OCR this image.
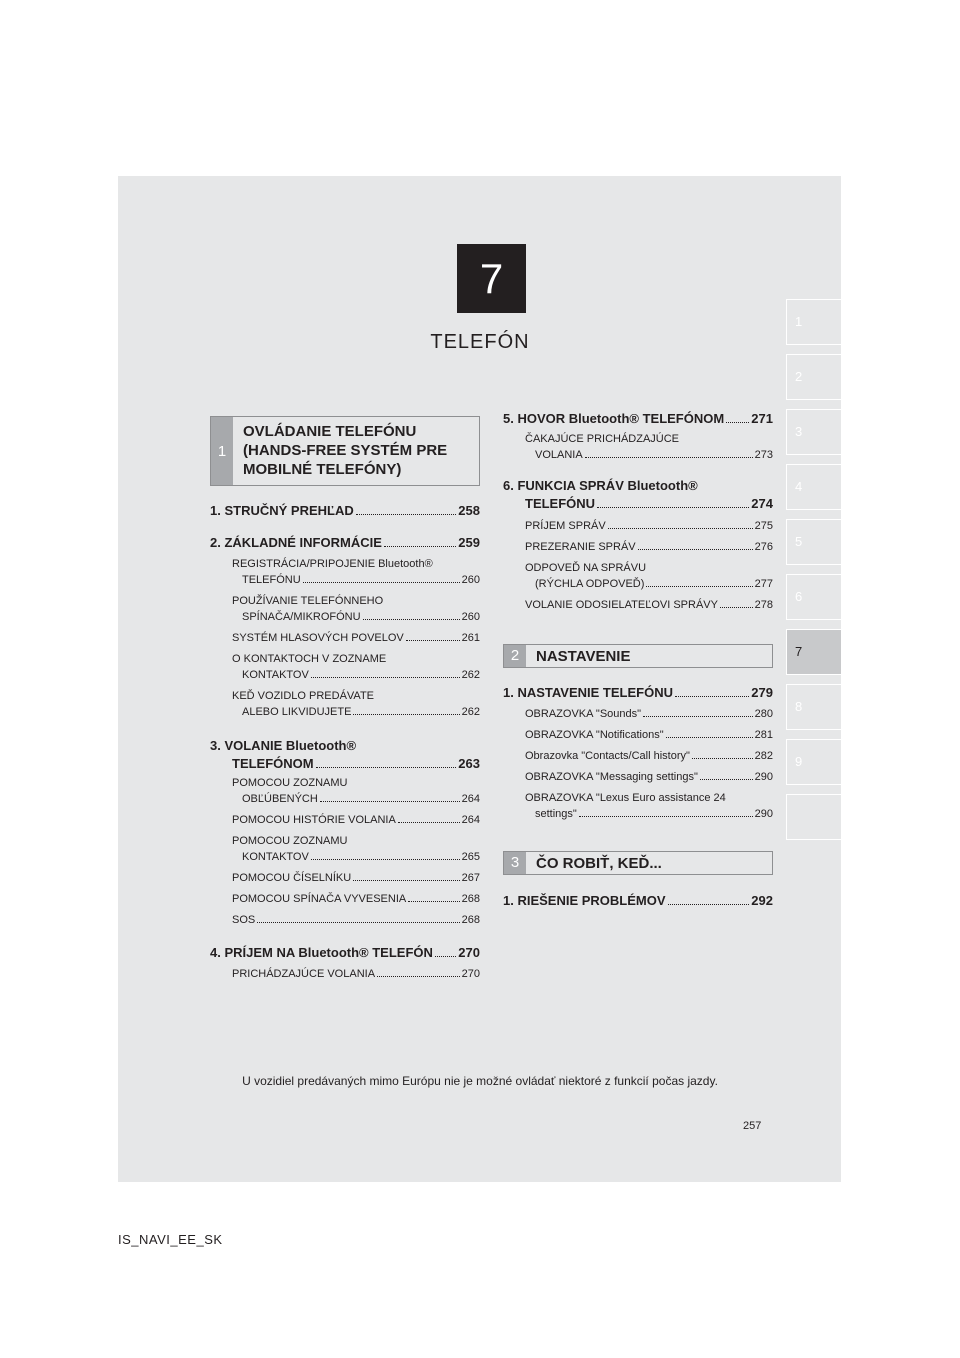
7
TELEFÓN
1
2
3
4
5
6
7
8
9
1
OVLÁDANIE TELEFÓNU
(HANDS-FREE SYSTÉM PRE
MOBILNÉ TELEFÓNY)
2	NASTAVENIE
3	ČO ROBIŤ, KEĎ...
1. STRUČNÝ PREHĽAD	258
2. ZÁKLADNÉ INFORMÁCIE	259
REGISTRÁCIA/PRIPOJENIE Bluetooth®
TELEFÓNU	260
POUŽÍVANIE TELEFÓNNEHO
SPÍNAČA/MIKROFÓNU	260
SYSTÉM HLASOVÝCH POVELOV	261
O KONTAKTOCH V ZOZNAME
KONTAKTOV	262
KEĎ VOZIDLO PREDÁVATE
ALEBO LIKVIDUJETE	262
3. VOLANIE Bluetooth®
TELEFÓNOM	263
POMOCOU ZOZNAMU
OBĽÚBENÝCH	264
POMOCOU HISTÓRIE VOLANIA	264
POMOCOU ZOZNAMU
KONTAKTOV	265
POMOCOU ČÍSELNÍKU	267
POMOCOU SPÍNAČA VYVESENIA	268
SOS	268
4. PRÍJEM NA Bluetooth® TELEFÓN 270
PRICHÁDZAJÚCE VOLANIA	270
5. HOVOR Bluetooth® TELEFÓNOM 271
ČAKAJÚCE PRICHÁDZAJÚCE
VOLANIA	273
6. FUNKCIA SPRÁV Bluetooth®
TELEFÓNU	274
PRÍJEM SPRÁV	275
PREZERANIE SPRÁV	276
ODPOVEĎ NA SPRÁVU
(RÝCHLA ODPOVEĎ)	277
VOLANIE ODOSIELATEĽOVI SPRÁVY	278
1. NASTAVENIE TELEFÓNU	279
OBRAZOVKA "Sounds"	280
OBRAZOVKA "Notifications"	281
Obrazovka "Contacts/Call history"	282
OBRAZOVKA "Messaging settings"	290
OBRAZOVKA "Lexus Euro assistance 24
settings"	290
1. RIEŠENIE PROBLÉMOV	292
U vozidiel predávaných mimo Európu nie je možné ovládať niektoré z funkcií počas jazdy.
257
IS_NAVI_EE_SK
